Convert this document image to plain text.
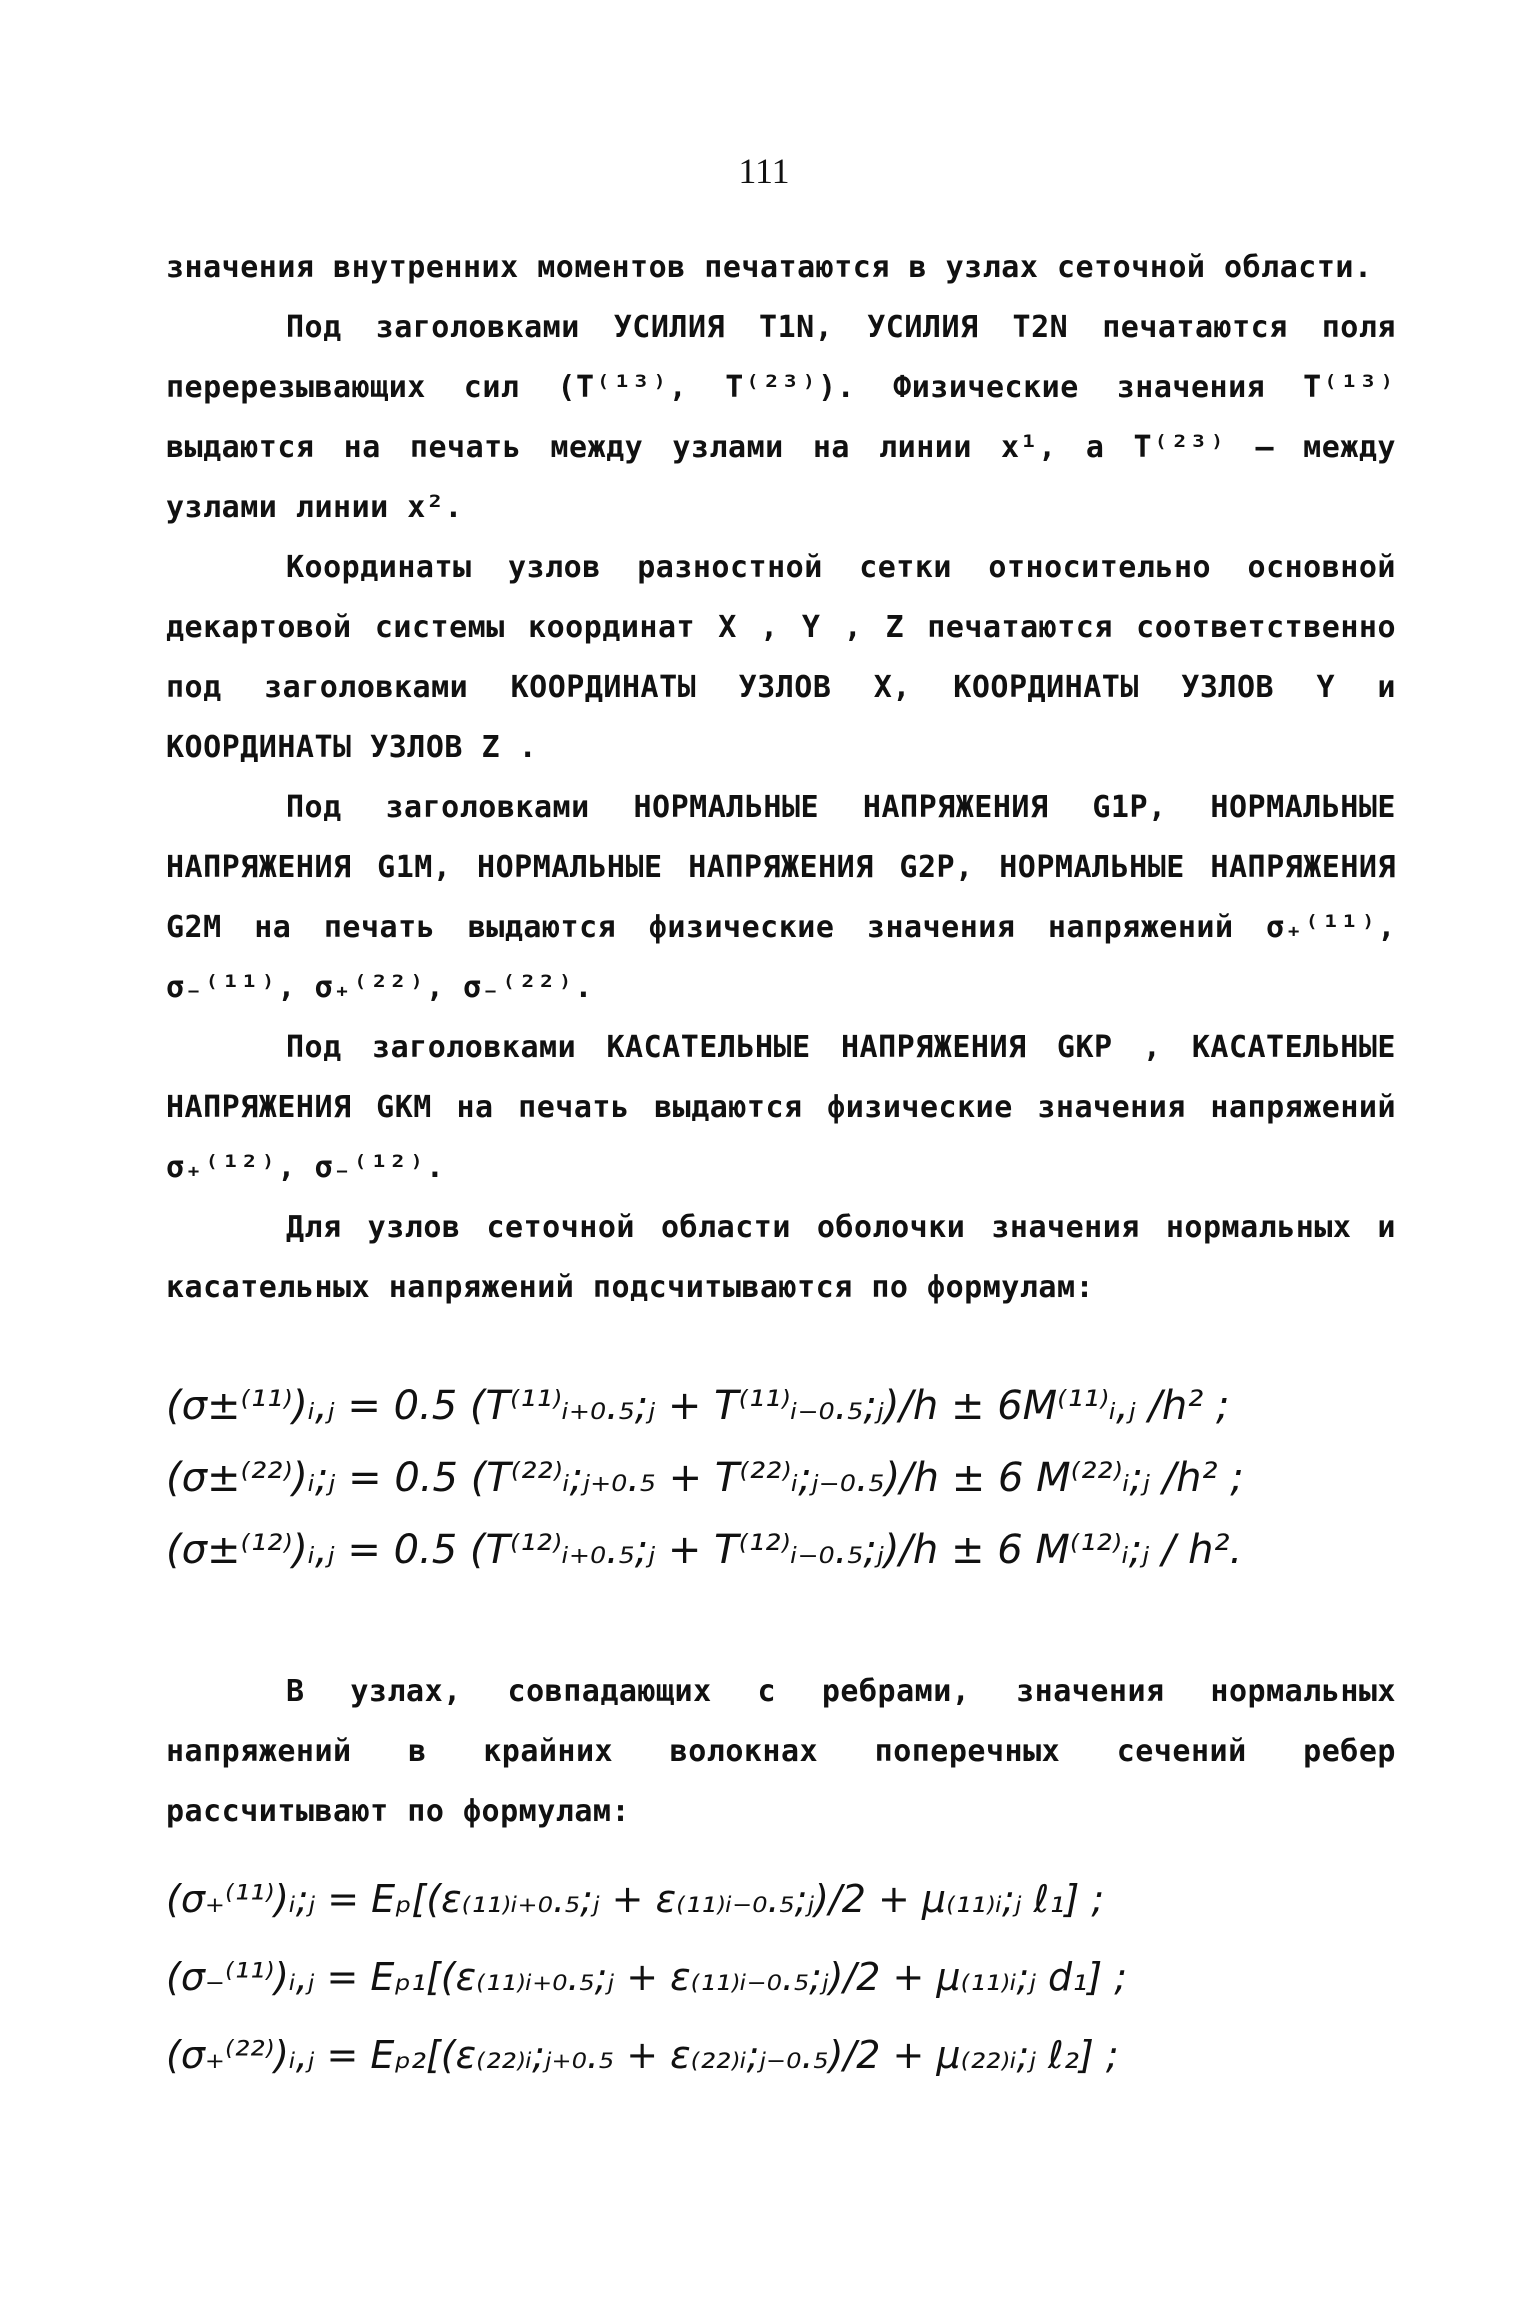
111

значения внутренних моментов печатаются в узлах сеточной области.

Под заголовками УСИЛИЯ T1N, УСИЛИЯ T2N печатаются поля перерезывающих сил (T⁽¹³⁾, T⁽²³⁾). Физические значения T⁽¹³⁾ выдаются на печать между узлами на линии x¹, а T⁽²³⁾ – между узлами линии x².

Координаты узлов разностной сетки относительно основной декартовой системы координат X , Y , Z печатаются соответственно под заголовками КООРДИНАТЫ УЗЛОВ X, КООРДИНАТЫ УЗЛОВ Y и КООРДИНАТЫ УЗЛОВ Z .

Под заголовками НОРМАЛЬНЫЕ НАПРЯЖЕНИЯ G1P, НОРМАЛЬНЫЕ НАПРЯЖЕНИЯ G1M, НОРМАЛЬНЫЕ НАПРЯЖЕНИЯ G2P, НОРМАЛЬНЫЕ НАПРЯЖЕНИЯ G2M на печать выдаются физические значения напряжений σ₊⁽¹¹⁾, σ₋⁽¹¹⁾, σ₊⁽²²⁾, σ₋⁽²²⁾.

Под заголовками КАСАТЕЛЬНЫЕ НАПРЯЖЕНИЯ GKP , КАСАТЕЛЬНЫЕ НАПРЯЖЕНИЯ GKM на печать выдаются физические значения напряжений σ₊⁽¹²⁾, σ₋⁽¹²⁾.

Для узлов сеточной области оболочки значения нормальных и касательных напряжений подсчитываются по формулам:

(σ±⁽¹¹⁾)ᵢ,ⱼ = 0.5 (T⁽¹¹⁾ᵢ₊₀.₅;ⱼ + T⁽¹¹⁾ᵢ₋₀.₅;ⱼ)/h ± 6M⁽¹¹⁾ᵢ,ⱼ /h² ;
(σ±⁽²²⁾)ᵢ;ⱼ = 0.5 (T⁽²²⁾ᵢ;ⱼ₊₀.₅ + T⁽²²⁾ᵢ;ⱼ₋₀.₅)/h ± 6 M⁽²²⁾ᵢ;ⱼ /h² ;
(σ±⁽¹²⁾)ᵢ,ⱼ = 0.5 (T⁽¹²⁾ᵢ₊₀.₅;ⱼ + T⁽¹²⁾ᵢ₋₀.₅;ⱼ)/h ± 6 M⁽¹²⁾ᵢ;ⱼ / h².
В узлах, совпадающих с ребрами, значения нормальных напряжений в крайних волокнах поперечных сечений ребер рассчитывают по формулам:
(σ₊⁽¹¹⁾)ᵢ;ⱼ = Eₚ[(ε₍₁₁₎ᵢ₊₀.₅;ⱼ + ε₍₁₁₎ᵢ₋₀.₅;ⱼ)/2 + μ₍₁₁₎ᵢ;ⱼ ℓ₁] ;
(σ₋⁽¹¹⁾)ᵢ,ⱼ = Eₚ₁[(ε₍₁₁₎ᵢ₊₀.₅;ⱼ + ε₍₁₁₎ᵢ₋₀.₅;ⱼ)/2 + μ₍₁₁₎ᵢ;ⱼ d₁] ;
(σ₊⁽²²⁾)ᵢ,ⱼ = Eₚ₂[(ε₍₂₂₎ᵢ;ⱼ₊₀.₅ + ε₍₂₂₎ᵢ;ⱼ₋₀.₅)/2 + μ₍₂₂₎ᵢ;ⱼ ℓ₂] ;
